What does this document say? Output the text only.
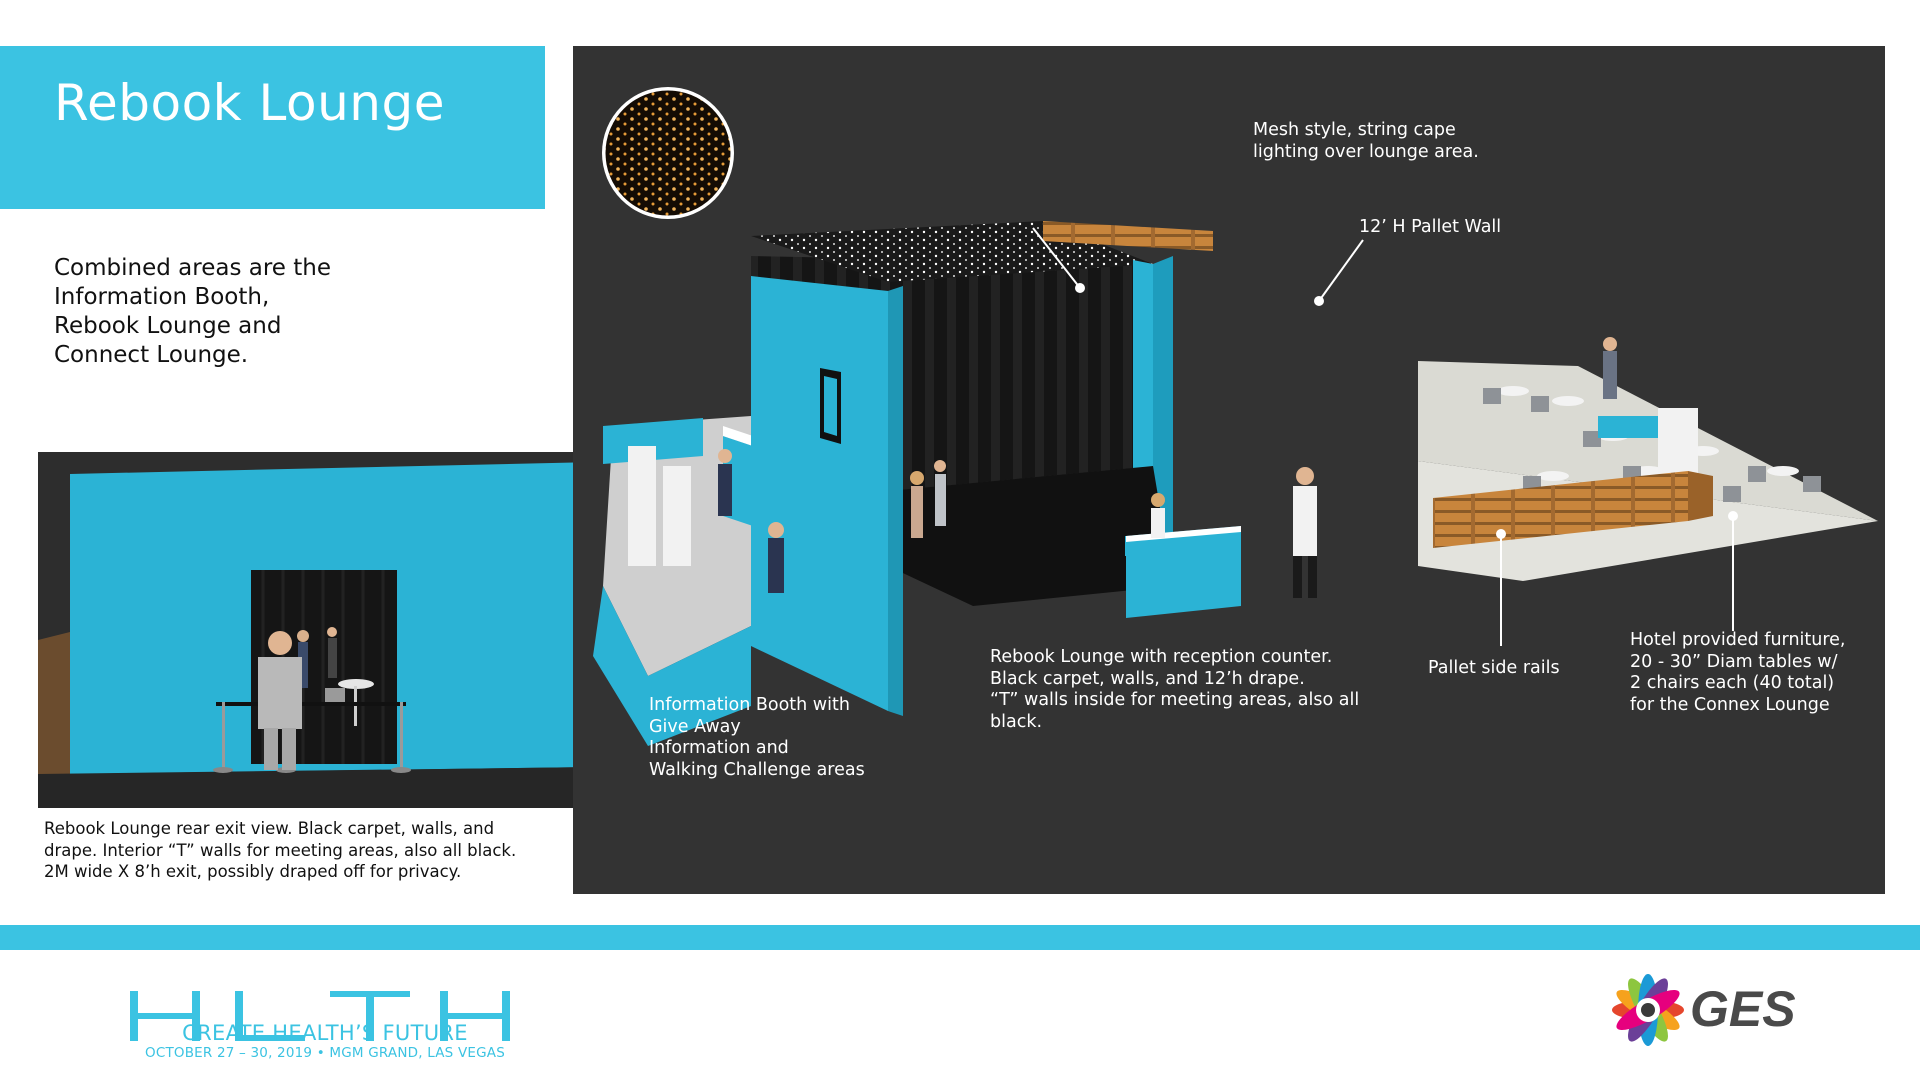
Rebook Lounge
Combined areas are the
Information Booth,
Rebook Lounge and
Connect Lounge.
Rebook Lounge rear exit view. Black carpet, walls, and
drape. Interior “T” walls for meeting areas, also all black.
2M wide X 8’h exit, possibly draped off for privacy.
Mesh style, string cape
lighting over lounge area.
12’ H Pallet Wall
Information Booth with
Give Away
Information and
Walking Challenge areas
Rebook Lounge with reception counter.
Black carpet, walls, and 12’h drape.
“T” walls inside for meeting areas, also all
black.
Pallet side rails
Hotel provided furniture,
20 - 30” Diam tables w/
2 chairs each (40 total)
for the Connex Lounge
CREATE HEALTH’S FUTURE
OCTOBER 27 – 30, 2019 • MGM GRAND, LAS VEGAS
GES
